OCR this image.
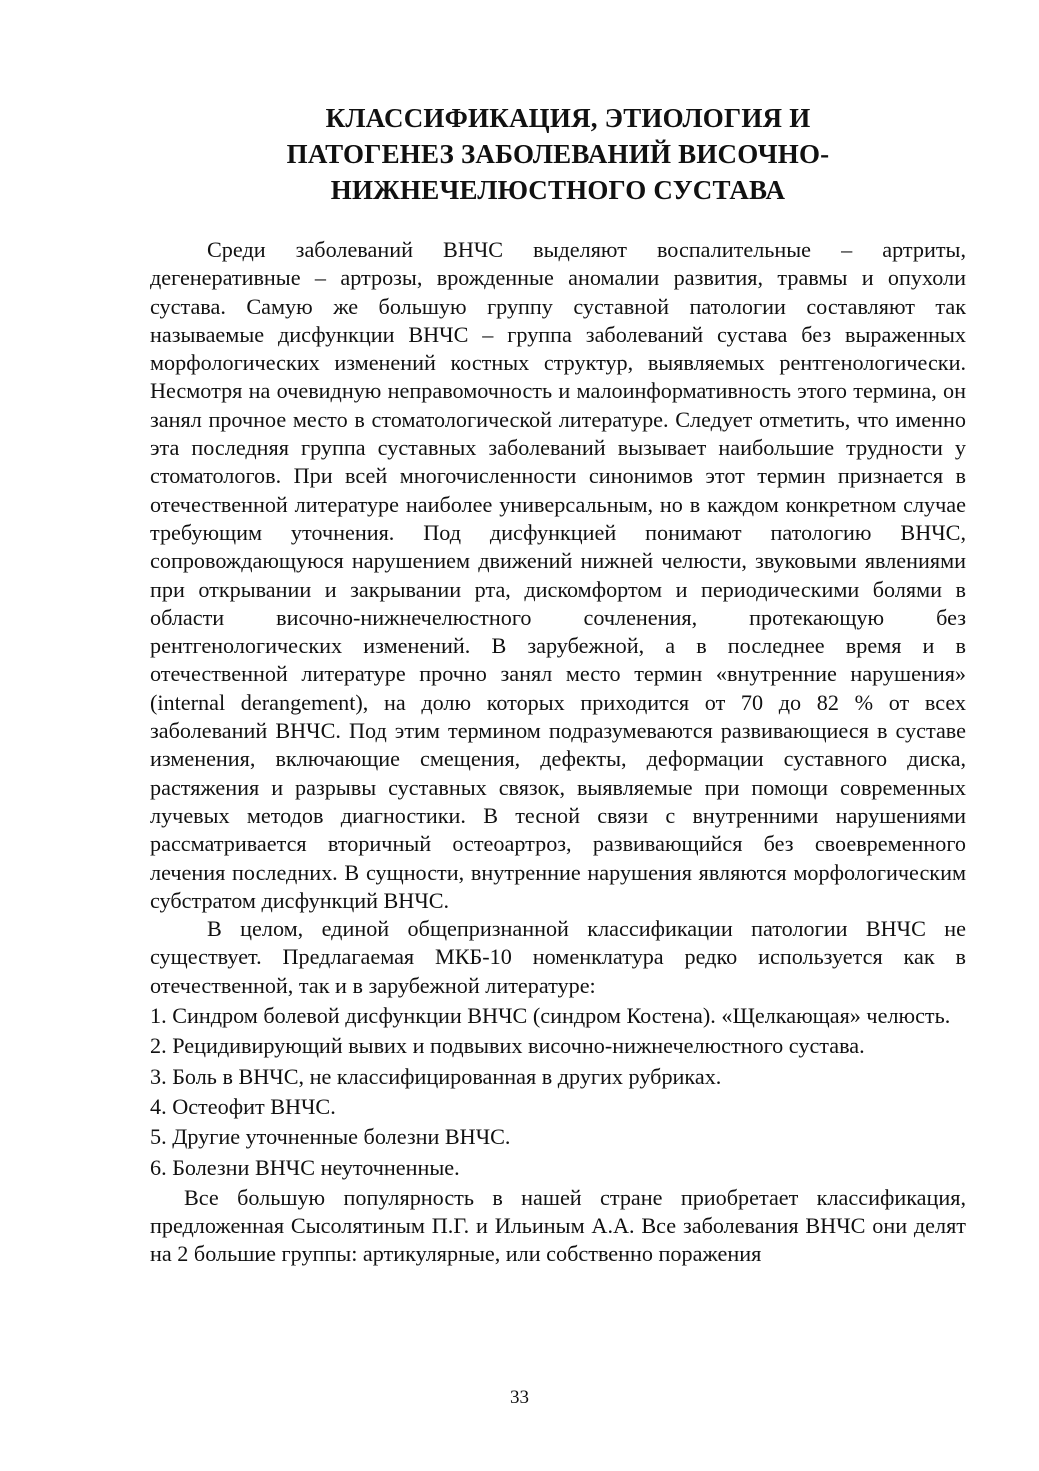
КЛАССИФИКАЦИЯ, ЭТИОЛОГИЯ И
ПАТОГЕНЕЗ ЗАБОЛЕВАНИЙ ВИСОЧНО-
НИЖНЕЧЕЛЮСТНОГО СУСТАВА

Среди заболеваний ВНЧС выделяют воспалительные – артриты, дегенеративные – артрозы, врожденные аномалии развития, травмы и опухоли сустава. Самую же большую группу суставной патологии составляют так называемые дисфункции ВНЧС – группа заболеваний сустава без выраженных морфологических изменений костных структур, выявляемых рентгенологически. Несмотря на очевидную неправомочность и малоинформативность этого термина, он занял прочное место в стоматологической литературе. Следует отметить, что именно эта последняя группа суставных заболеваний вызывает наибольшие трудности у стоматологов. При всей многочисленности синонимов этот термин признается в отечественной литературе наиболее универсальным, но в каждом конкретном случае требующим уточнения. Под дисфункцией понимают патологию ВНЧС, сопровождающуюся нарушением движений нижней челюсти, звуковыми явлениями при открывании и закрывании рта, дискомфортом и периодическими болями в области височно-нижнечелюстного сочленения, протекающую без рентгенологических изменений. В зарубежной, а в последнее время и в отечественной литературе прочно занял место термин «внутренние нарушения» (internal derangement), на долю которых приходится от 70 до 82 % от всех заболеваний ВНЧС. Под этим термином подразумеваются развивающиеся в суставе изменения, включающие смещения, дефекты, деформации суставного диска, растяжения и разрывы суставных связок, выявляемые при помощи современных лучевых методов диагностики. В тесной связи с внутренними нарушениями рассматривается вторичный остеоартроз, развивающийся без своевременного лечения последних. В сущности, внутренние нарушения являются морфологическим субстратом дисфункций ВНЧС.

В целом, единой общепризнанной классификации патологии ВНЧС не существует. Предлагаемая МКБ-10 номенклатура редко используется как в отечественной, так и в зарубежной литературе:

1. Синдром болевой дисфункции ВНЧС (синдром Костена). «Щелкающая» челюсть.
2. Рецидивирующий вывих и подвывих височно-нижнечелюстного сустава.
3. Боль в ВНЧС, не классифицированная в других рубриках.
4. Остеофит ВНЧС.
5. Другие уточненные болезни ВНЧС.
6. Болезни ВНЧС неуточненные.

Все большую популярность в нашей стране приобретает классификация, предложенная Сысолятиным П.Г. и Ильиным А.А. Все заболевания ВНЧС они делят на 2 большие группы: артикулярные, или собственно поражения

33
